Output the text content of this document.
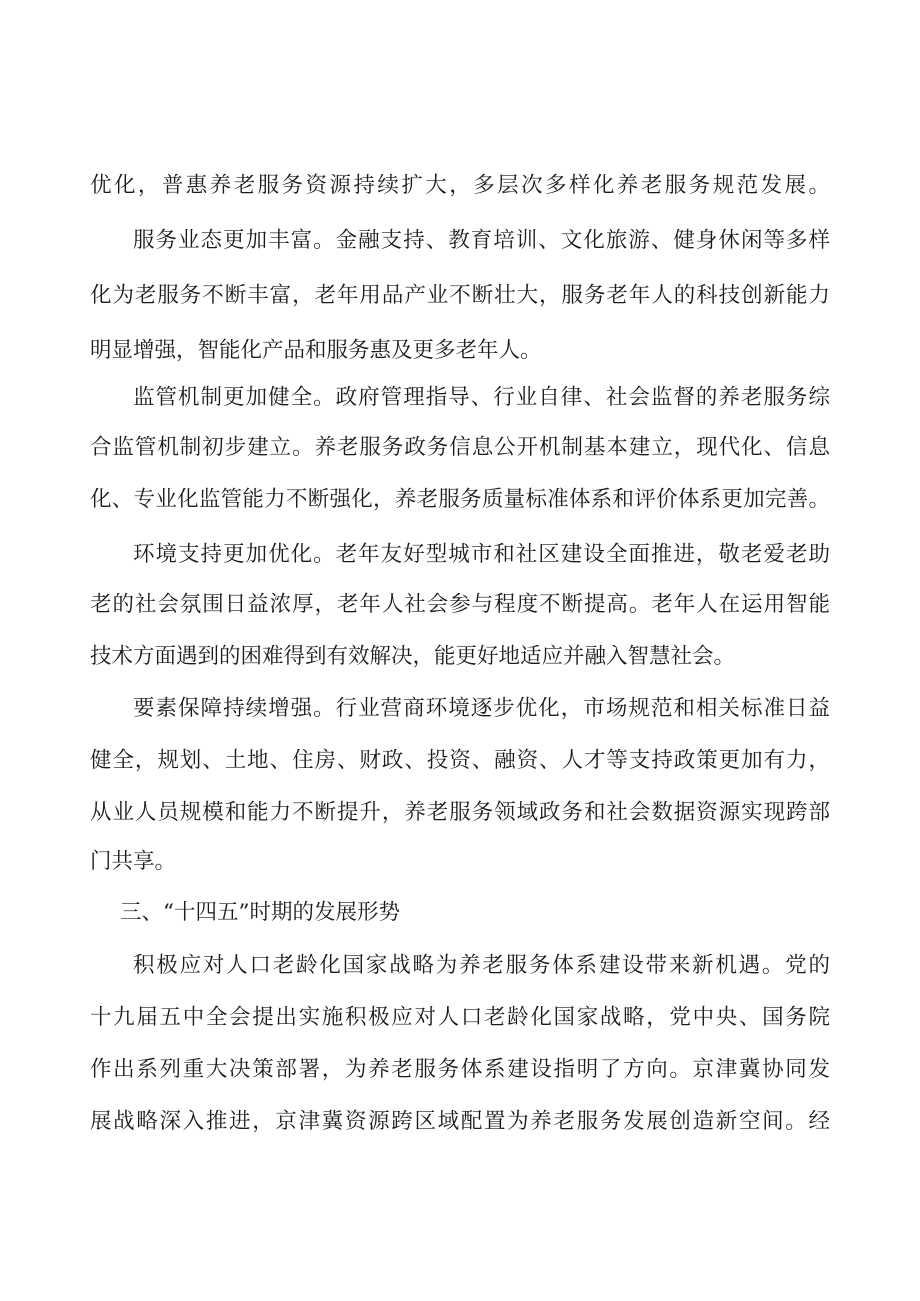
优化，普惠养老服务资源持续扩大，多层次多样化养老服务规范发展。
服务业态更加丰富。金融支持、教育培训、文化旅游、健身休闲等多样
化为老服务不断丰富，老年用品产业不断壮大，服务老年人的科技创新能力
明显增强，智能化产品和服务惠及更多老年人。
监管机制更加健全。政府管理指导、行业自律、社会监督的养老服务综
合监管机制初步建立。养老服务政务信息公开机制基本建立，现代化、信息
化、专业化监管能力不断强化，养老服务质量标准体系和评价体系更加完善。
环境支持更加优化。老年友好型城市和社区建设全面推进，敬老爱老助
老的社会氛围日益浓厚，老年人社会参与程度不断提高。老年人在运用智能
技术方面遇到的困难得到有效解决，能更好地适应并融入智慧社会。
要素保障持续增强。行业营商环境逐步优化，市场规范和相关标准日益
健全，规划、土地、住房、财政、投资、融资、人才等支持政策更加有力，
从业人员规模和能力不断提升，养老服务领域政务和社会数据资源实现跨部
门共享。
三、“十四五”时期的发展形势
积极应对人口老龄化国家战略为养老服务体系建设带来新机遇。党的
十九届五中全会提出实施积极应对人口老龄化国家战略，党中央、国务院
作出系列重大决策部署，为养老服务体系建设指明了方向。京津冀协同发
展战略深入推进，京津冀资源跨区域配置为养老服务发展创造新空间。经
